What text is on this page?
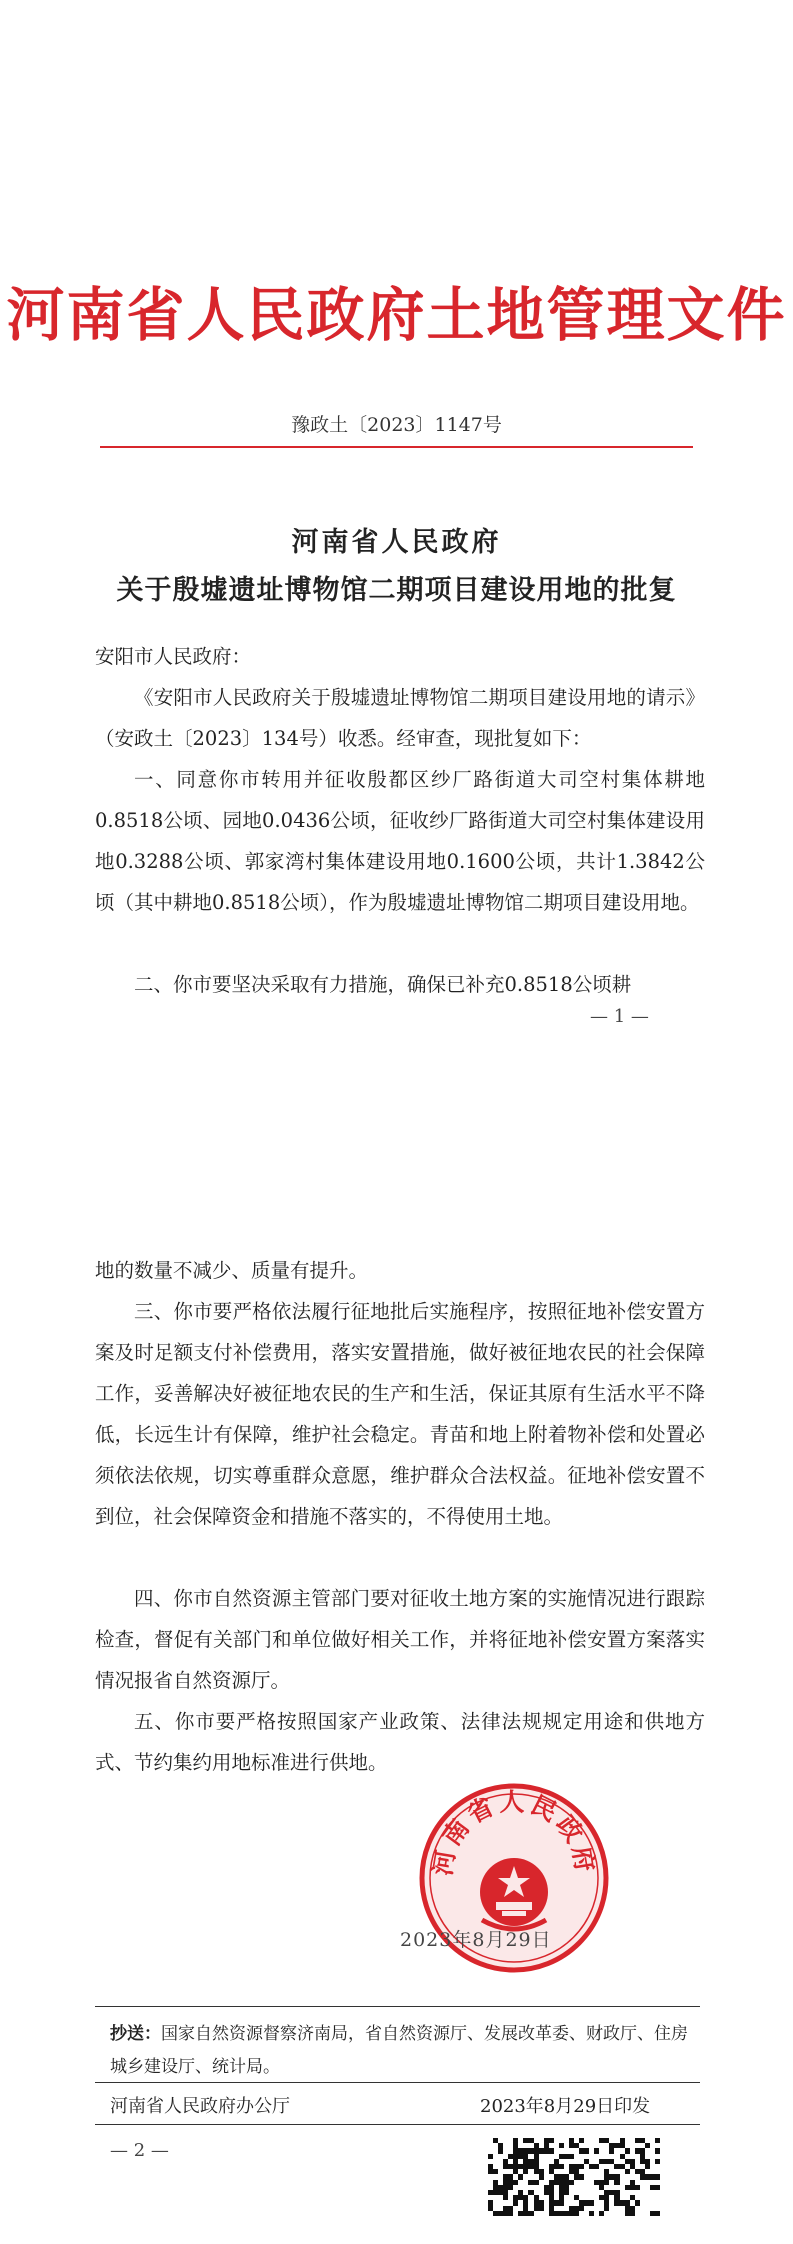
河南省人民政府土地管理文件
豫政土〔2023〕1147号
河南省人民政府
关于殷墟遗址博物馆二期项目建设用地的批复
安阳市人民政府：
《安阳市人民政府关于殷墟遗址博物馆二期项目建设用地的请示》（安政土〔2023〕134号）收悉。经审查，现批复如下：
一、同意你市转用并征收殷都区纱厂路街道大司空村集体耕地0.8518公顷、园地0.0436公顷，征收纱厂路街道大司空村集体建设用地0.3288公顷、郭家湾村集体建设用地0.1600公顷，共计1.3842公顷（其中耕地0.8518公顷），作为殷墟遗址博物馆二期项目建设用地。
二、你市要坚决采取有力措施，确保已补充0.8518公顷耕
— 1 —
地的数量不减少、质量有提升。
三、你市要严格依法履行征地批后实施程序，按照征地补偿安置方案及时足额支付补偿费用，落实安置措施，做好被征地农民的社会保障工作，妥善解决好被征地农民的生产和生活，保证其原有生活水平不降低，长远生计有保障，维护社会稳定。青苗和地上附着物补偿和处置必须依法依规，切实尊重群众意愿，维护群众合法权益。征地补偿安置不到位，社会保障资金和措施不落实的，不得使用土地。
四、你市自然资源主管部门要对征收土地方案的实施情况进行跟踪检查，督促有关部门和单位做好相关工作，并将征地补偿安置方案落实情况报省自然资源厅。
五、你市要严格按照国家产业政策、法律法规规定用途和供地方式、节约集约用地标准进行供地。
河南省人民政府
2023年8月29日
抄送：国家自然资源督察济南局，省自然资源厅、发展改革委、财政厅、住房城乡建设厅、统计局。
河南省人民政府办公厅	2023年8月29日印发
— 2 —
